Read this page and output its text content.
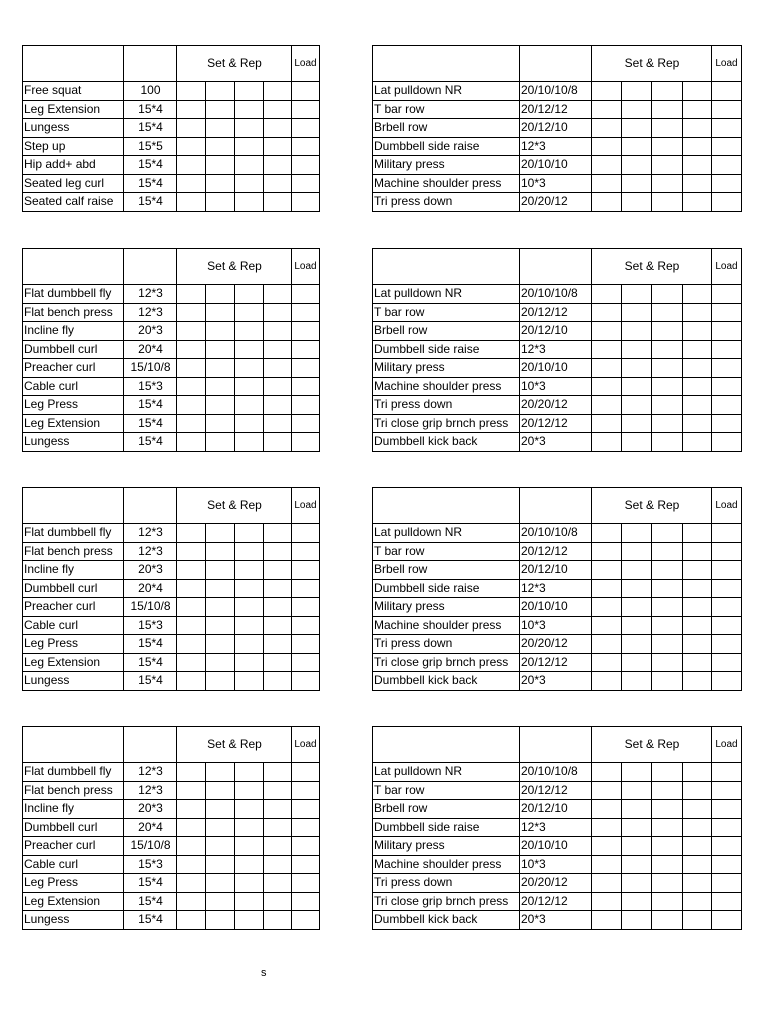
		Set & Rep				Load
Free squat	100					
Leg Extension	15*4					
Lungess	15*4					
Step up	15*5					
Hip add+ abd	15*4					
Seated leg curl	15*4					
Seated calf raise	15*4					
		Set & Rep				Load
Lat pulldown NR	20/10/10/8					
T bar row	20/12/12					
Brbell row	20/12/10					
Dumbbell side raise	12*3					
Military press	20/10/10					
Machine shoulder press	10*3					
Tri press down	20/20/12					
		Set & Rep				Load
Flat dumbbell fly	12*3					
Flat bench press	12*3					
Incline fly	20*3					
Dumbbell curl	20*4					
Preacher curl	15/10/8					
Cable curl	15*3					
Leg Press	15*4					
Leg Extension	15*4					
Lungess	15*4					
		Set & Rep				Load
Lat pulldown NR	20/10/10/8					
T bar row	20/12/12					
Brbell row	20/12/10					
Dumbbell side raise	12*3					
Military press	20/10/10					
Machine shoulder press	10*3					
Tri press down	20/20/12					
Tri close grip brnch press	20/12/12					
Dumbbell kick back	20*3					
		Set & Rep				Load
Flat dumbbell fly	12*3					
Flat bench press	12*3					
Incline fly	20*3					
Dumbbell curl	20*4					
Preacher curl	15/10/8					
Cable curl	15*3					
Leg Press	15*4					
Leg Extension	15*4					
Lungess	15*4					
		Set & Rep				Load
Lat pulldown NR	20/10/10/8					
T bar row	20/12/12					
Brbell row	20/12/10					
Dumbbell side raise	12*3					
Military press	20/10/10					
Machine shoulder press	10*3					
Tri press down	20/20/12					
Tri close grip brnch press	20/12/12					
Dumbbell kick back	20*3					
		Set & Rep				Load
Flat dumbbell fly	12*3					
Flat bench press	12*3					
Incline fly	20*3					
Dumbbell curl	20*4					
Preacher curl	15/10/8					
Cable curl	15*3					
Leg Press	15*4					
Leg Extension	15*4					
Lungess	15*4					
		Set & Rep				Load
Lat pulldown NR	20/10/10/8					
T bar row	20/12/12					
Brbell row	20/12/10					
Dumbbell side raise	12*3					
Military press	20/10/10					
Machine shoulder press	10*3					
Tri press down	20/20/12					
Tri close grip brnch press	20/12/12					
Dumbbell kick back	20*3					
s
